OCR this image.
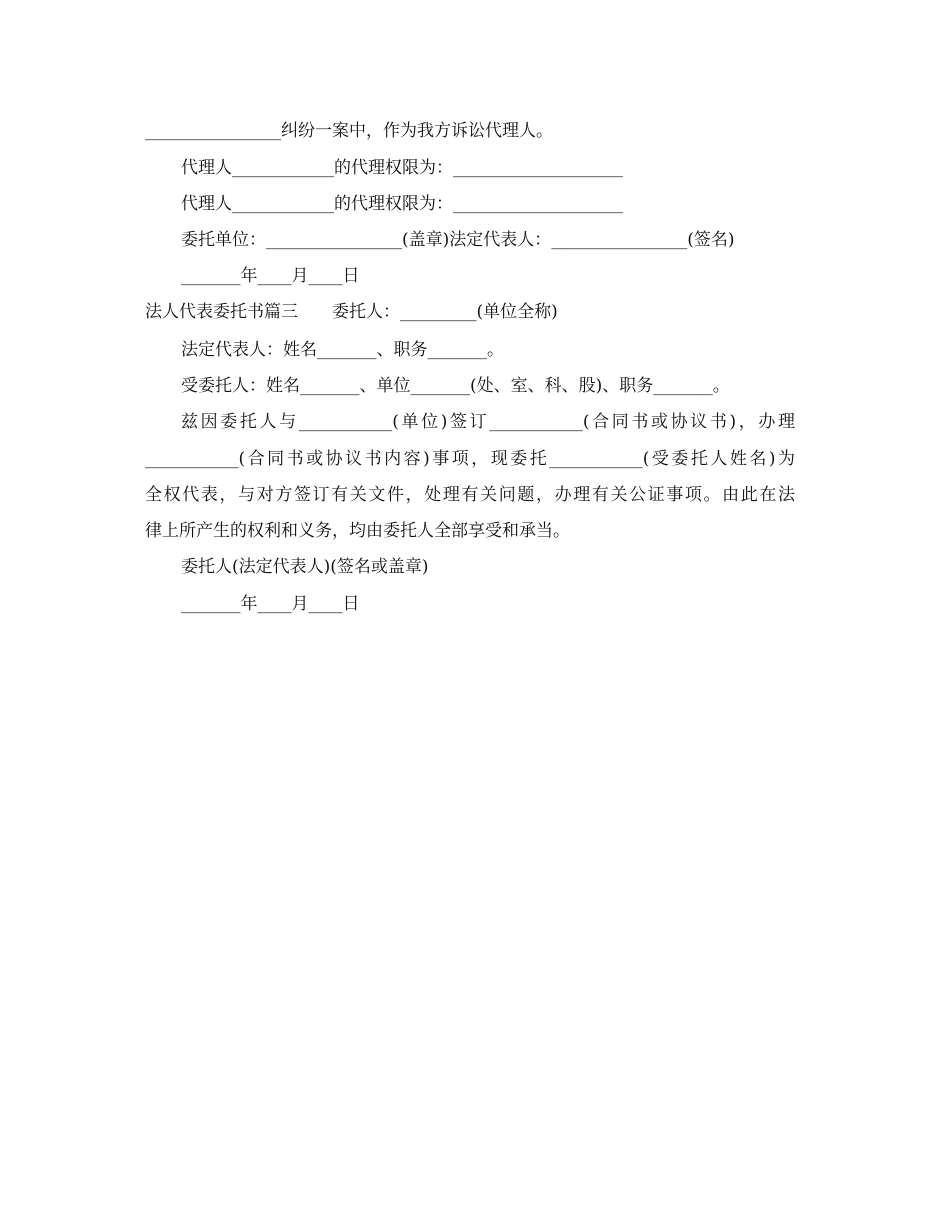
________________纠纷一案中，作为我方诉讼代理人。
代理人____________的代理权限为：____________________
代理人____________的代理权限为：____________________
委托单位：________________(盖章)法定代表人：________________(签名)
_______年____月____日
法人代表委托书篇三　　委托人：_________(单位全称)
法定代表人：姓名_______、职务_______。
受委托人：姓名_______、单位_______(处、室、科、股)、职务_______。
兹因委托人与___________(单位)签订___________(合同书或协议书)，办理
___________(合同书或协议书内容)事项，现委托___________(受委托人姓名)为
全权代表，与对方签订有关文件，处理有关问题，办理有关公证事项。由此在法
律上所产生的权利和义务，均由委托人全部享受和承当。
委托人(法定代表人)(签名或盖章)
_______年____月____日
